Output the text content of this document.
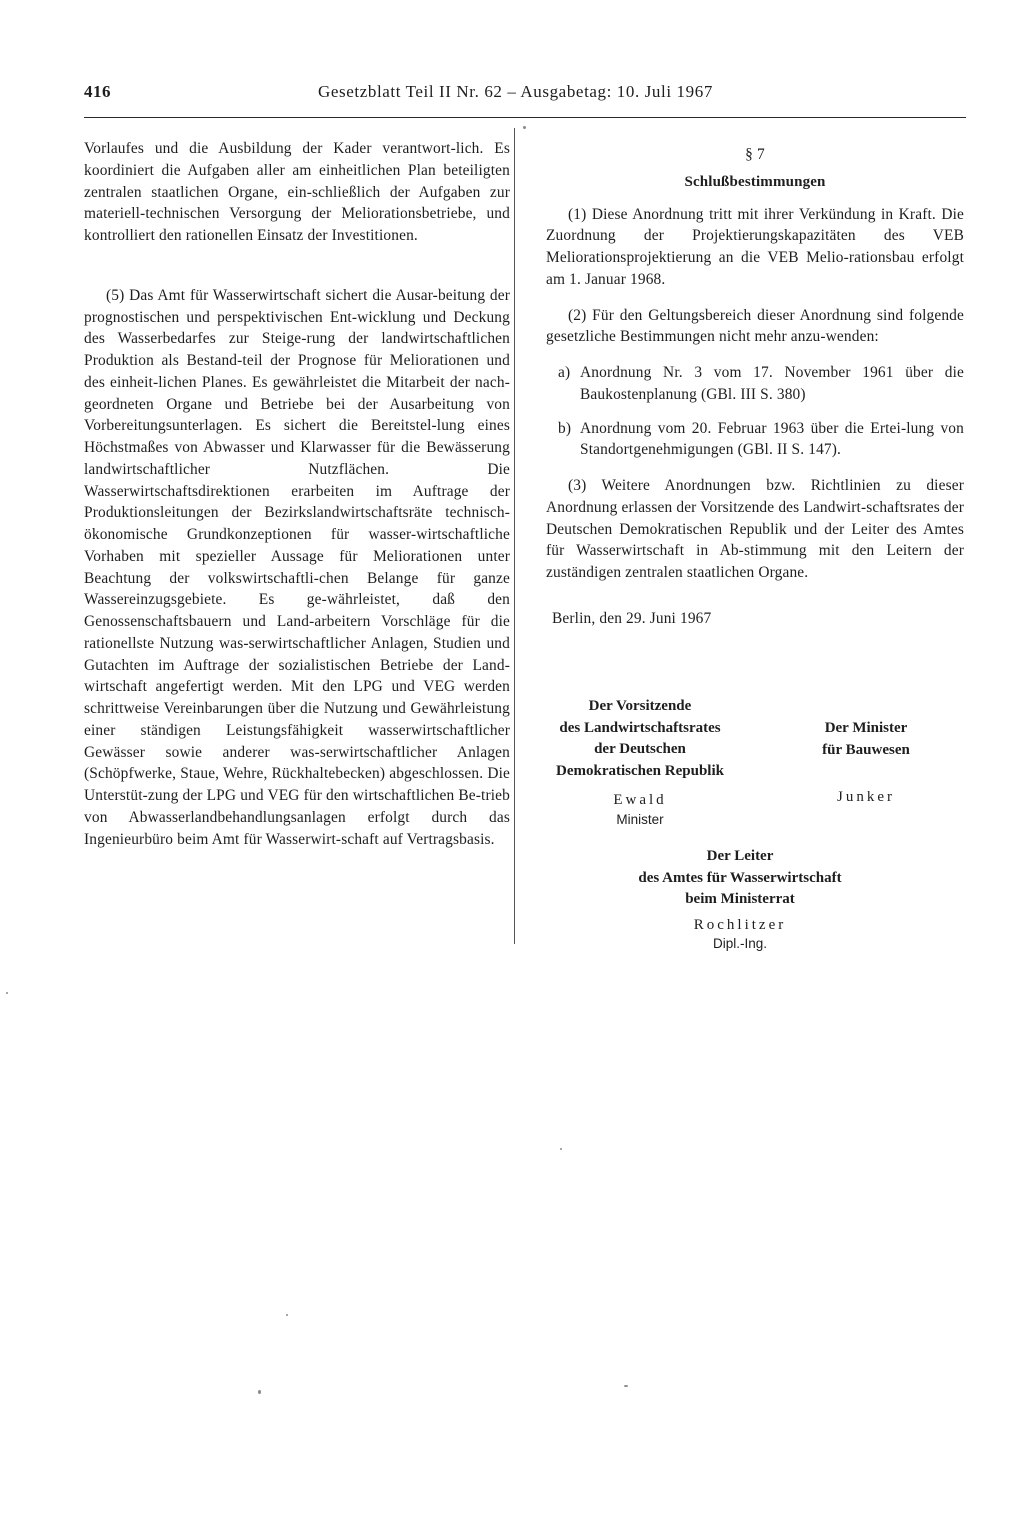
416	Gesetzblatt Teil II Nr. 62 – Ausgabetag: 10. Juli 1967

Vorlaufes und die Ausbildung der Kader verantwort-lich. Es koordiniert die Aufgaben aller am einheitlichen Plan beteiligten zentralen staatlichen Organe, ein-schließlich der Aufgaben zur materiell-technischen Versorgung der Meliorationsbetriebe, und kontrolliert den rationellen Einsatz der Investitionen.

(5) Das Amt für Wasserwirtschaft sichert die Ausar-beitung der prognostischen und perspektivischen Ent-wicklung und Deckung des Wasserbedarfes zur Steige-rung der landwirtschaftlichen Produktion als Bestand-teil der Prognose für Meliorationen und des einheit-lichen Planes. Es gewährleistet die Mitarbeit der nach-geordneten Organe und Betriebe bei der Ausarbeitung von Vorbereitungsunterlagen. Es sichert die Bereitstel-lung eines Höchstmaßes von Abwasser und Klarwasser für die Bewässerung landwirtschaftlicher Nutzflächen. Die Wasserwirtschaftsdirektionen erarbeiten im Auftrage der Produktionsleitungen der Bezirkslandwirtschaftsräte technisch-ökonomische Grundkonzeptionen für wasser-wirtschaftliche Vorhaben mit spezieller Aussage für Meliorationen unter Beachtung der volkswirtschaftli-chen Belange für ganze Wassereinzugsgebiete. Es ge-währleistet, daß den Genossenschaftsbauern und Land-arbeitern Vorschläge für die rationellste Nutzung was-serwirtschaftlicher Anlagen, Studien und Gutachten im Auftrage der sozialistischen Betriebe der Land-wirtschaft angefertigt werden. Mit den LPG und VEG werden schrittweise Vereinbarungen über die Nutzung und Gewährleistung einer ständigen Leistungsfähigkeit wasserwirtschaftlicher Gewässer sowie anderer was-serwirtschaftlicher Anlagen (Schöpfwerke, Staue, Wehre, Rückhaltebecken) abgeschlossen. Die Unterstüt-zung der LPG und VEG für den wirtschaftlichen Be-trieb von Abwasserlandbehandlungsanlagen erfolgt durch das Ingenieurbüro beim Amt für Wasserwirt-schaft auf Vertragsbasis.

§ 7

Schlußbestimmungen

(1) Diese Anordnung tritt mit ihrer Verkündung in Kraft. Die Zuordnung der Projektierungskapazitäten des VEB Meliorationsprojektierung an die VEB Melio-rationsbau erfolgt am 1. Januar 1968.

(2) Für den Geltungsbereich dieser Anordnung sind folgende gesetzliche Bestimmungen nicht mehr anzu-wenden:

a) Anordnung Nr. 3 vom 17. November 1961 über die Baukostenplanung (GBl. III S. 380)
b) Anordnung vom 20. Februar 1963 über die Ertei-lung von Standortgenehmigungen (GBl. II S. 147).

(3) Weitere Anordnungen bzw. Richtlinien zu dieser Anordnung erlassen der Vorsitzende des Landwirt-schaftsrates der Deutschen Demokratischen Republik und der Leiter des Amtes für Wasserwirtschaft in Ab-stimmung mit den Leitern der zuständigen zentralen staatlichen Organe.

Berlin, den 29. Juni 1967

Der Vorsitzende
des Landwirtschaftsrates
der Deutschen
Demokratischen Republik
Ewald
Minister
Der Minister
für Bauwesen
Junker
Der Leiter
des Amtes für Wasserwirtschaft
beim Ministerrat
Rochlitzer
Dipl.-Ing.
